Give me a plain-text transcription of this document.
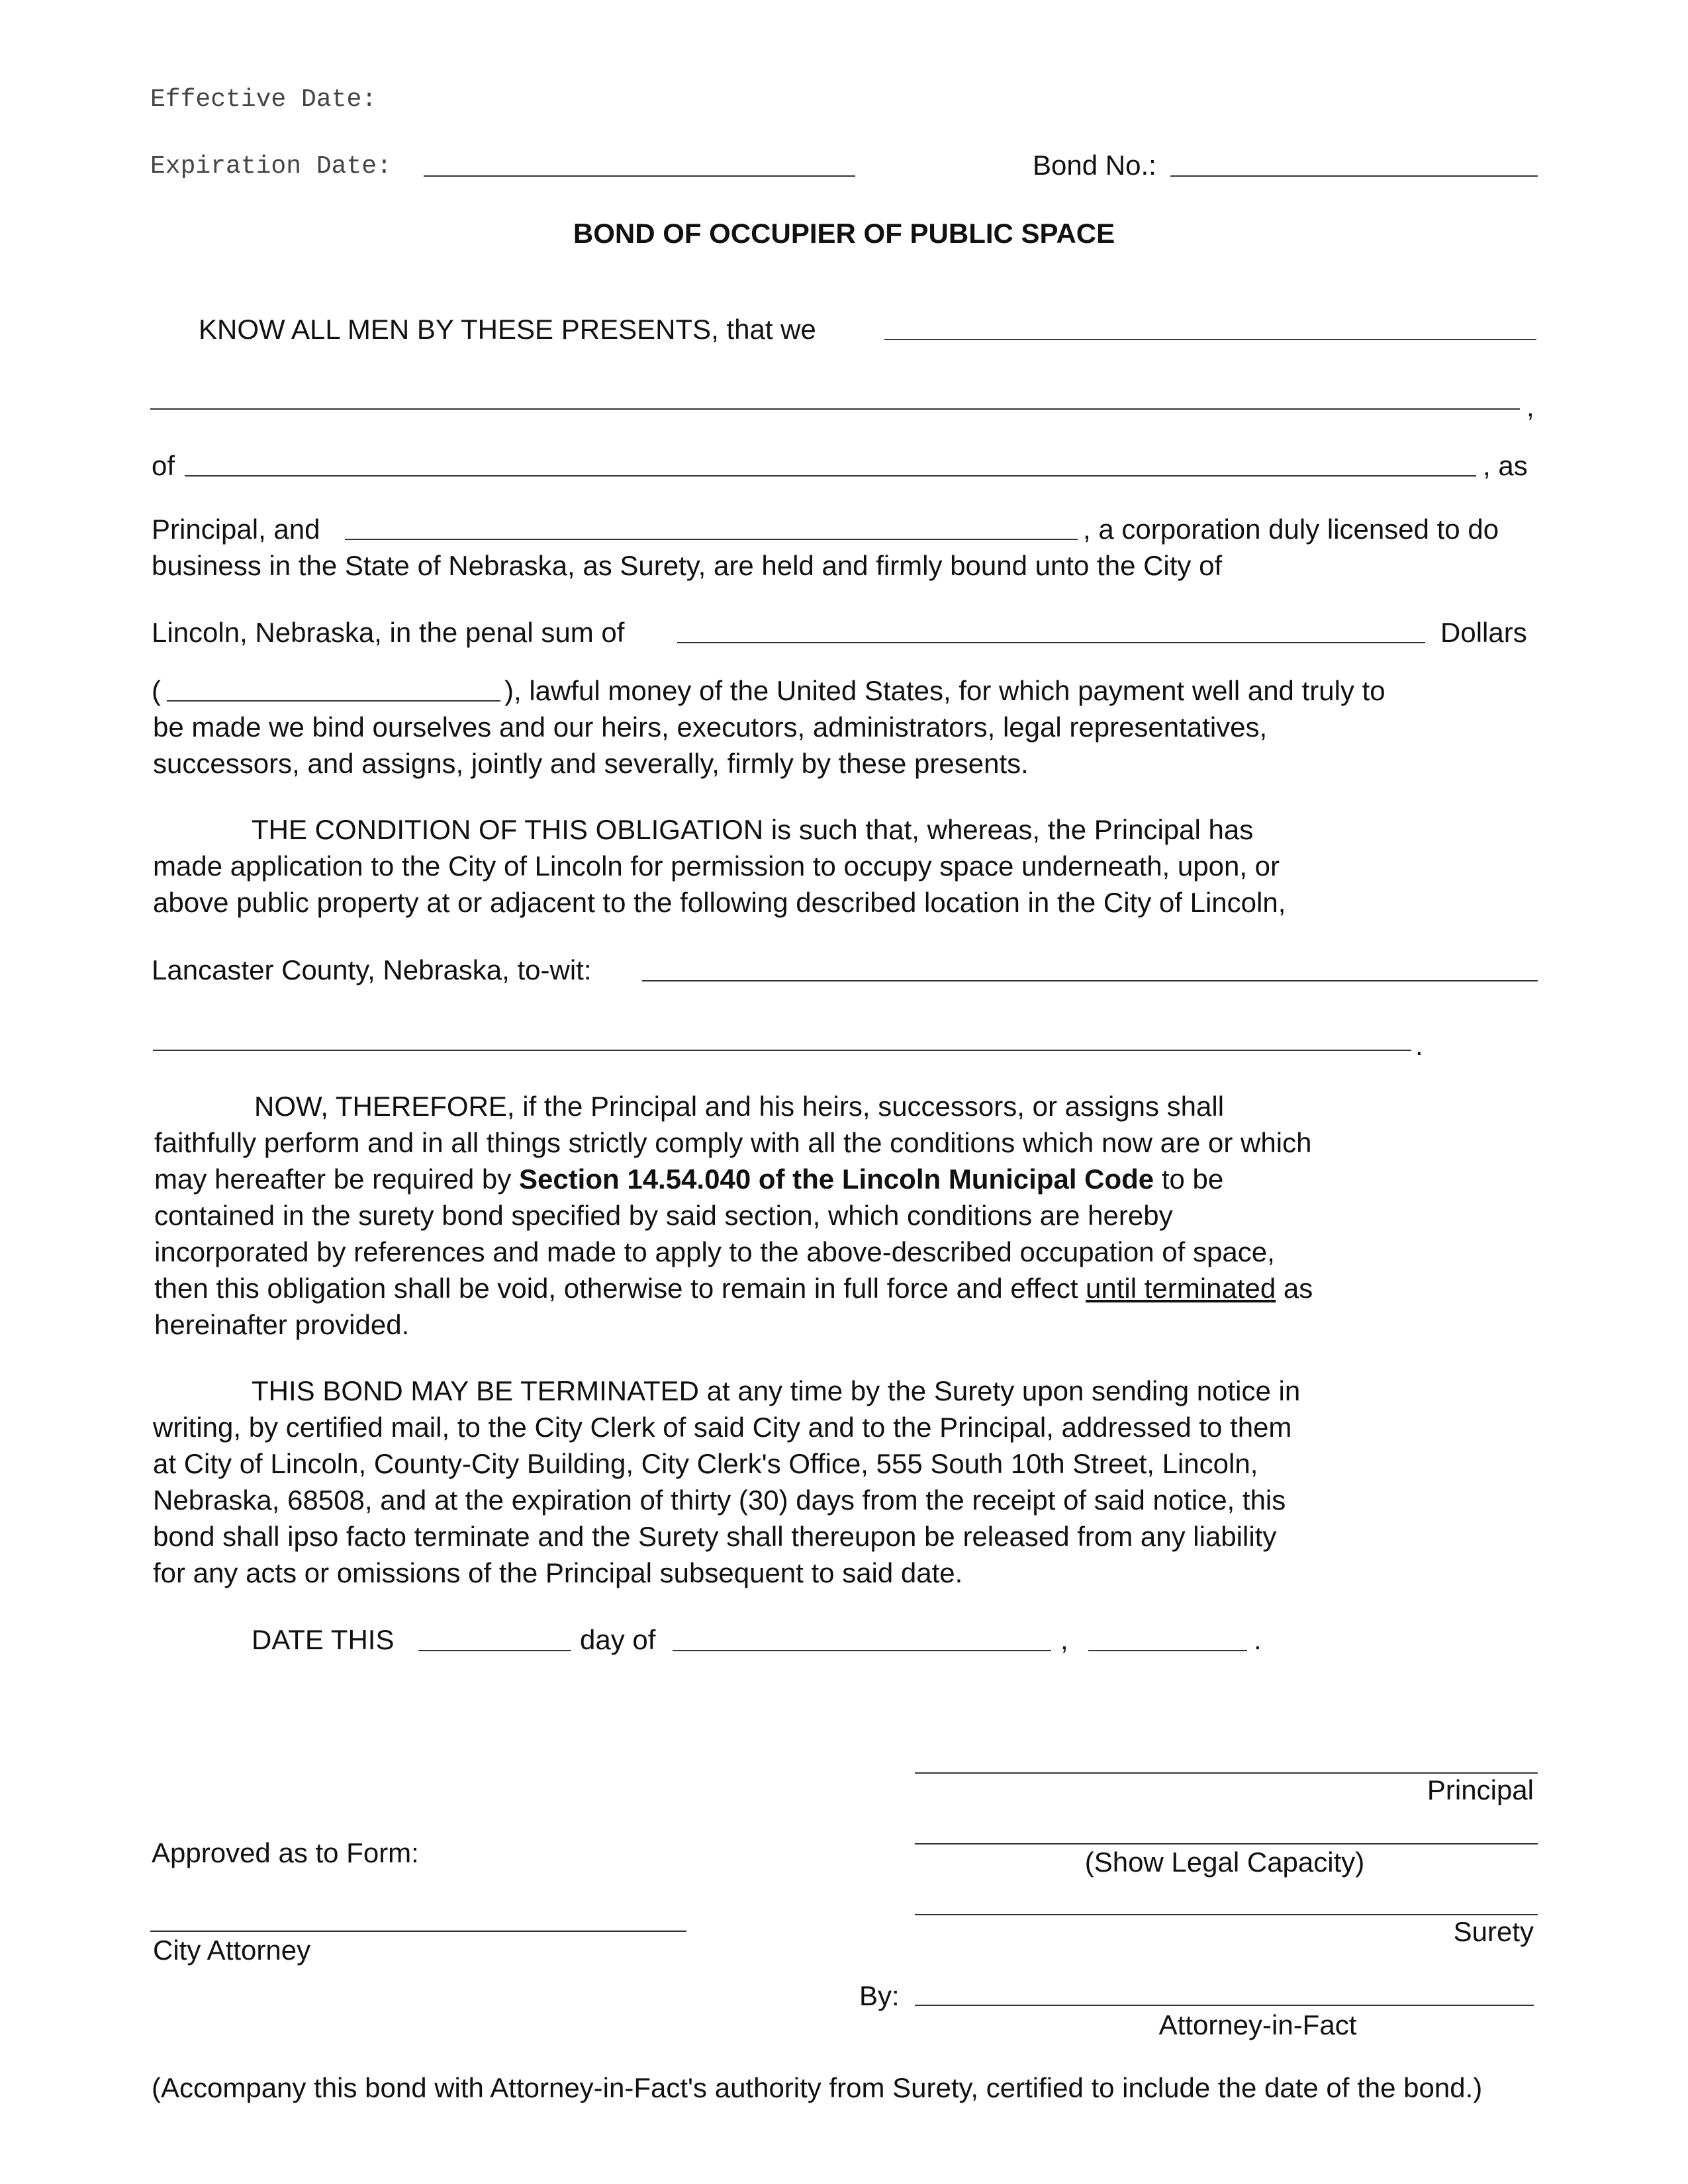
Effective Date:
Expiration Date:	Bond No.:
BOND OF OCCUPIER OF PUBLIC SPACE
KNOW ALL MEN BY THESE PRESENTS, that we
,
of	, as
Principal, and	, a corporation duly licensed to do
business in the State of Nebraska, as Surety, are held and firmly bound unto the City of
Lincoln, Nebraska, in the penal sum of	Dollars
(	), lawful money of the United States, for which payment well and truly to
be made we bind ourselves and our heirs, executors, administrators, legal representatives,
successors, and assigns, jointly and severally, firmly by these presents.
THE CONDITION OF THIS OBLIGATION is such that, whereas, the Principal has
made application to the City of Lincoln for permission to occupy space underneath, upon, or
above public property at or adjacent to the following described location in the City of Lincoln,
Lancaster County, Nebraska, to-wit:
.
NOW, THEREFORE, if the Principal and his heirs, successors, or assigns shall
faithfully perform and in all things strictly comply with all the conditions which now are or which
may hereafter be required by Section 14.54.040 of the Lincoln Municipal Code to be
contained in the surety bond specified by said section, which conditions are hereby
incorporated by references and made to apply to the above-described occupation of space,
then this obligation shall be void, otherwise to remain in full force and effect until terminated as
hereinafter provided.
THIS BOND MAY BE TERMINATED at any time by the Surety upon sending notice in
writing, by certified mail, to the City Clerk of said City and to the Principal, addressed to them
at City of Lincoln, County-City Building, City Clerk's Office, 555 South 10th Street, Lincoln,
Nebraska, 68508, and at the expiration of thirty (30) days from the receipt of said notice, this
bond shall ipso facto terminate and the Surety shall thereupon be released from any liability
for any acts or omissions of the Principal subsequent to said date.
DATE THIS	day of	,	.
Principal
Approved as to Form:	(Show Legal Capacity)
Surety
City Attorney
By:
Attorney-in-Fact
(Accompany this bond with Attorney-in-Fact's authority from Surety, certified to include the date of the bond.)
